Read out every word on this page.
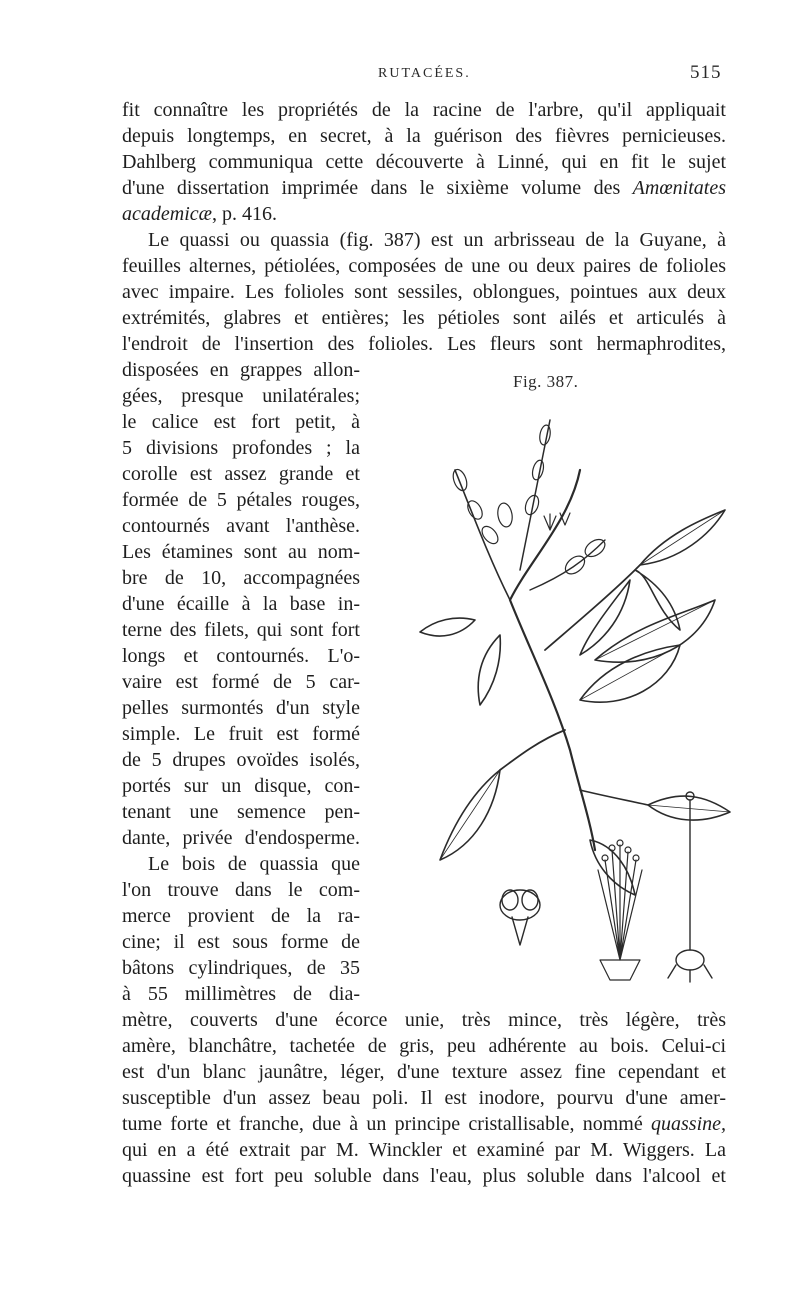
RUTACÉES.	515
fit connaître les propriétés de la racine de l'arbre, qu'il appliquait
depuis longtemps, en secret, à la guérison des fièvres pernicieuses.
Dahlberg communiqua cette découverte à Linné, qui en fit le sujet
d'une dissertation imprimée dans le sixième volume des Amœnitates
academicæ, p. 416.
Le quassi ou quassia (fig. 387) est un arbrisseau de la Guyane, à
feuilles alternes, pétiolées, composées de une ou deux paires de folioles
avec impaire. Les folioles sont sessiles, oblongues, pointues aux deux
extrémités, glabres et entières; les pétioles sont ailés et articulés à
l'endroit de l'insertion des folioles. Les fleurs sont hermaphrodites,
disposées en grappes allon-
gées, presque unilatérales;
le calice est fort petit, à
5 divisions profondes ; la
corolle est assez grande et
formée de 5 pétales rouges,
contournés avant l'anthèse.
Les étamines sont au nom-
bre de 10, accompagnées
d'une écaille à la base in-
terne des filets, qui sont fort
longs et contournés. L'o-
vaire est formé de 5 car-
pelles surmontés d'un style
simple. Le fruit est formé
de 5 drupes ovoïdes isolés,
portés sur un disque, con-
tenant une semence pen-
dante, privée d'endosperme.
Le bois de quassia que
l'on trouve dans le com-
merce provient de la ra-
cine; il est sous forme de
bâtons cylindriques, de 35
à 55 millimètres de dia-
mètre, couverts d'une écorce unie, très mince, très légère, très
amère, blanchâtre, tachetée de gris, peu adhérente au bois. Celui-ci
est d'un blanc jaunâtre, léger, d'une texture assez fine cependant et
susceptible d'un assez beau poli. Il est inodore, pourvu d'une amer-
tume forte et franche, due à un principe cristallisable, nommé quassine,
qui en a été extrait par M. Winckler et examiné par M. Wiggers. La
quassine est fort peu soluble dans l'eau, plus soluble dans l'alcool et
Fig. 387.
